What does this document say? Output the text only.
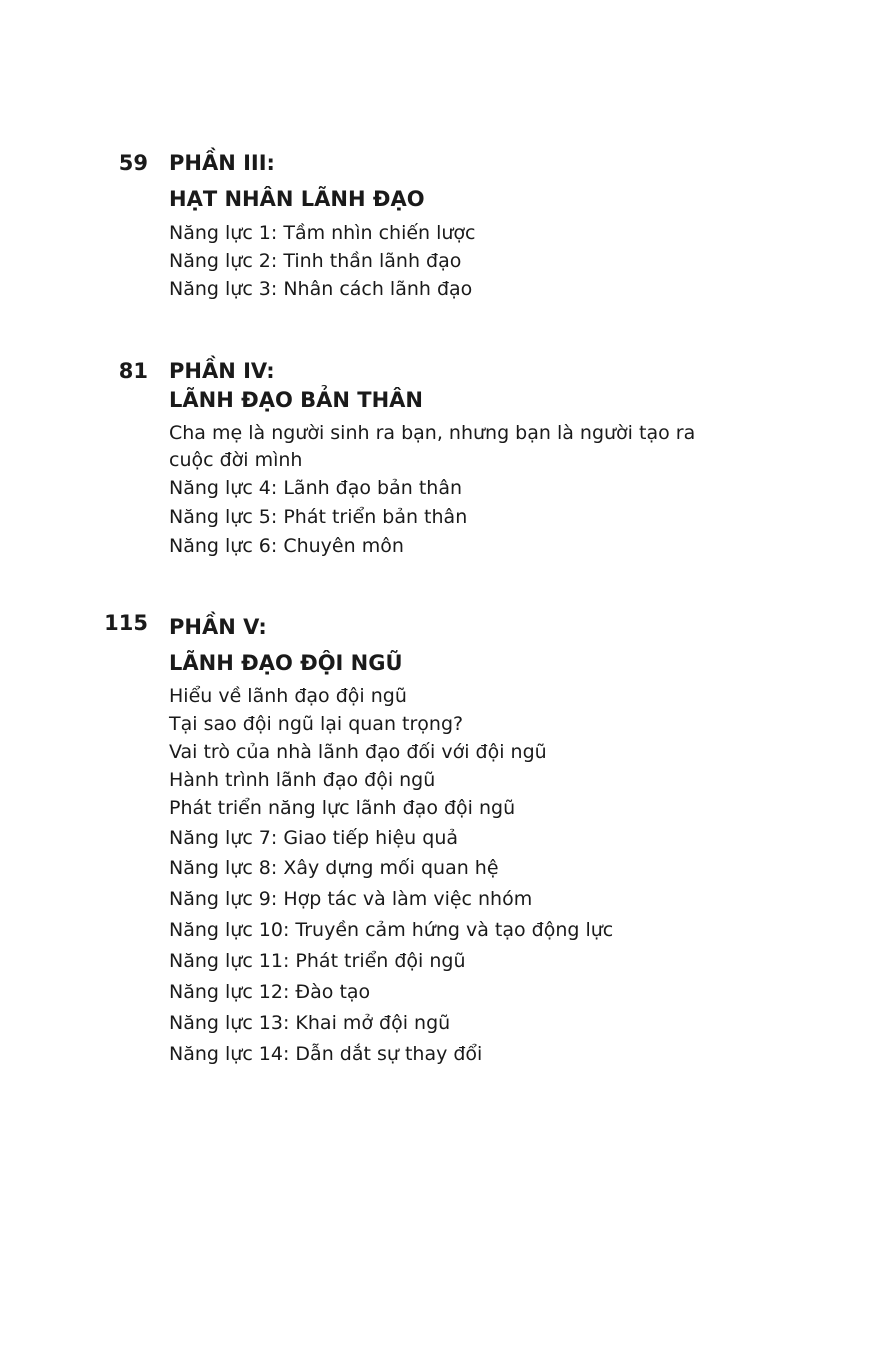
59 PHẦN III:
HẠT NHÂN LÃNH ĐẠO
Năng lực 1: Tầm nhìn chiến lược
Năng lực 2: Tinh thần lãnh đạo
Năng lực 3: Nhân cách lãnh đạo
81 PHẦN IV:
LÃNH ĐẠO BẢN THÂN
Cha mẹ là người sinh ra bạn, nhưng bạn là người tạo ra
cuộc đời mình
Năng lực 4: Lãnh đạo bản thân
Năng lực 5: Phát triển bản thân
Năng lực 6: Chuyên môn
115 PHẦN V:
LÃNH ĐẠO ĐỘI NGŨ
Hiểu về lãnh đạo đội ngũ
Tại sao đội ngũ lại quan trọng?
Vai trò của nhà lãnh đạo đối với đội ngũ
Hành trình lãnh đạo đội ngũ
Phát triển năng lực lãnh đạo đội ngũ
Năng lực 7: Giao tiếp hiệu quả
Năng lực 8: Xây dựng mối quan hệ
Năng lực 9: Hợp tác và làm việc nhóm
Năng lực 10: Truyền cảm hứng và tạo động lực
Năng lực 11: Phát triển đội ngũ
Năng lực 12: Đào tạo
Năng lực 13: Khai mở đội ngũ
Năng lực 14: Dẫn dắt sự thay đổi
